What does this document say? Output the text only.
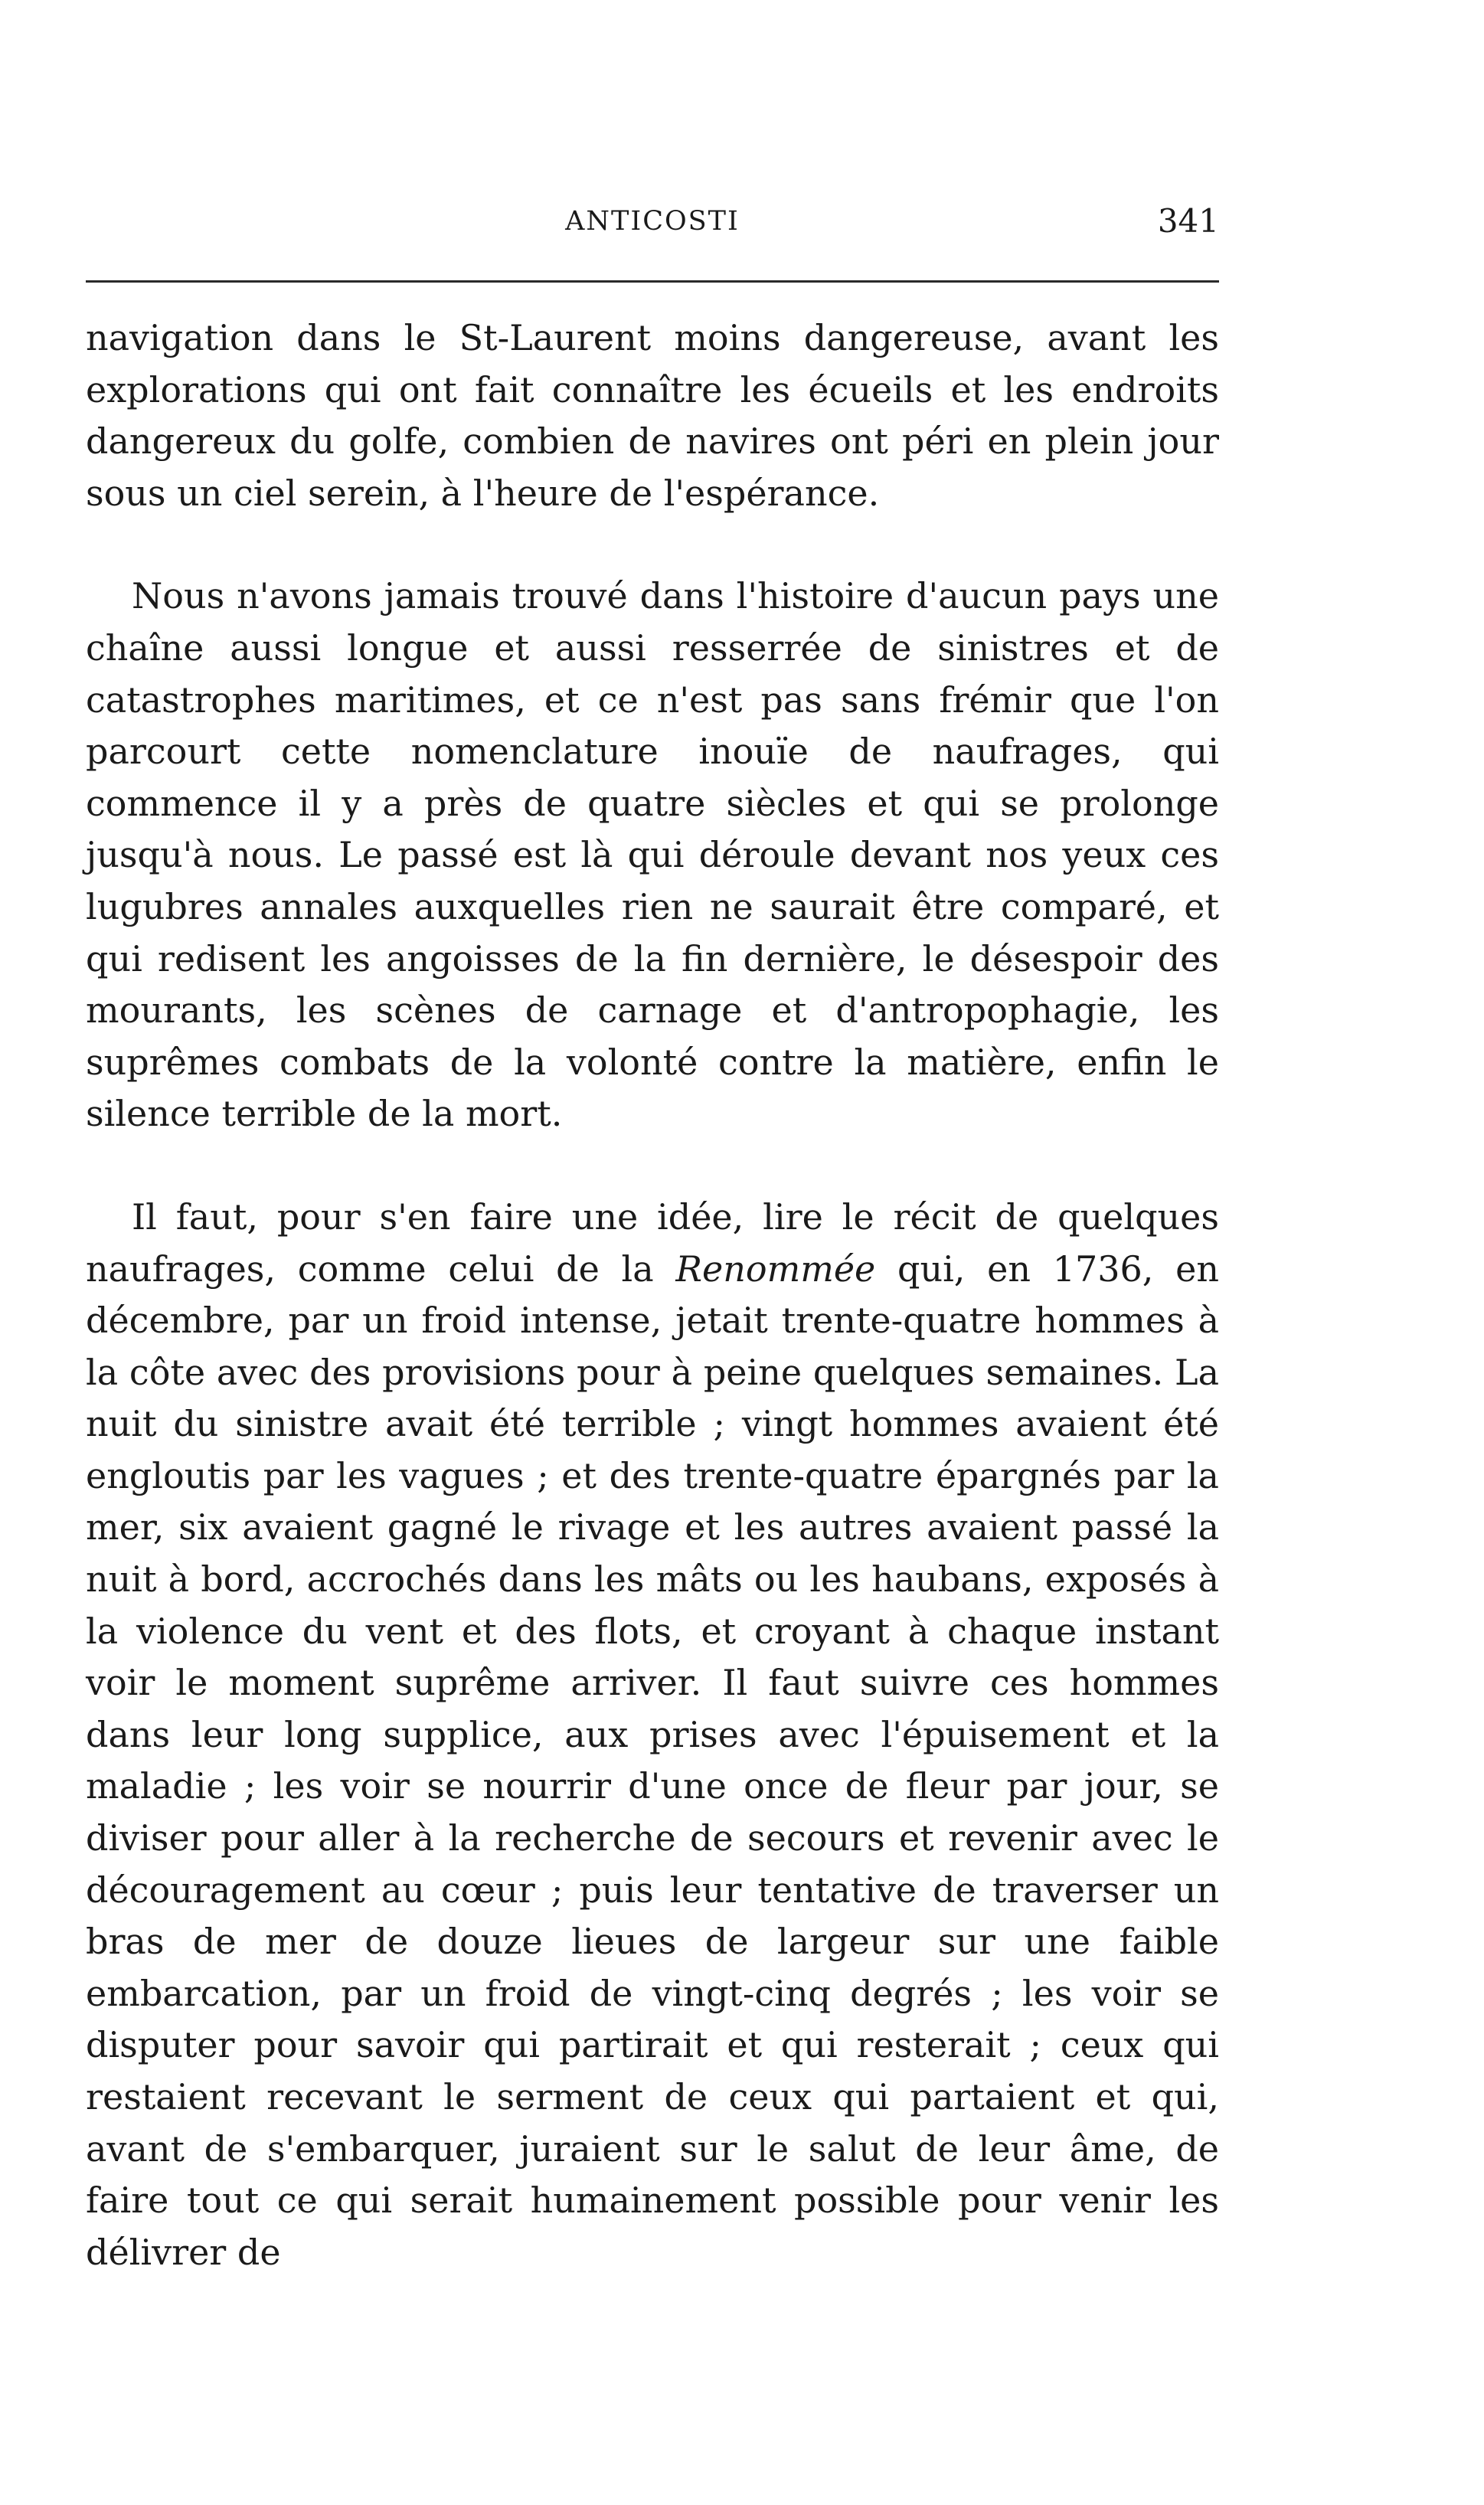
ANTICOSTI	341

navigation dans le St-Laurent moins dangereuse, avant les explorations qui ont fait connaître les écueils et les endroits dangereux du golfe, combien de navires ont péri en plein jour sous un ciel serein, à l'heure de l'espérance.

Nous n'avons jamais trouvé dans l'histoire d'aucun pays une chaîne aussi longue et aussi resserrée de sinistres et de catastrophes maritimes, et ce n'est pas sans frémir que l'on parcourt cette nomenclature inouïe de naufrages, qui commence il y a près de quatre siècles et qui se prolonge jusqu'à nous. Le passé est là qui déroule devant nos yeux ces lugubres annales auxquelles rien ne saurait être comparé, et qui redisent les angoisses de la fin dernière, le désespoir des mourants, les scènes de carnage et d'antropophagie, les suprêmes combats de la volonté contre la matière, enfin le silence terrible de la mort.

Il faut, pour s'en faire une idée, lire le récit de quelques naufrages, comme celui de la Renommée qui, en 1736, en décembre, par un froid intense, jetait trente-quatre hommes à la côte avec des provisions pour à peine quelques semaines. La nuit du sinistre avait été terrible ; vingt hommes avaient été engloutis par les vagues ; et des trente-quatre épargnés par la mer, six avaient gagné le rivage et les autres avaient passé la nuit à bord, accrochés dans les mâts ou les haubans, exposés à la violence du vent et des flots, et croyant à chaque instant voir le moment suprême arriver. Il faut suivre ces hommes dans leur long supplice, aux prises avec l'épuisement et la maladie ; les voir se nourrir d'une once de fleur par jour, se diviser pour aller à la recherche de secours et revenir avec le découragement au cœur ; puis leur tentative de traverser un bras de mer de douze lieues de largeur sur une faible embarcation, par un froid de vingt-cinq degrés ; les voir se disputer pour savoir qui partirait et qui resterait ; ceux qui restaient recevant le serment de ceux qui partaient et qui, avant de s'embarquer, juraient sur le salut de leur âme, de faire tout ce qui serait humainement possible pour venir les délivrer de
